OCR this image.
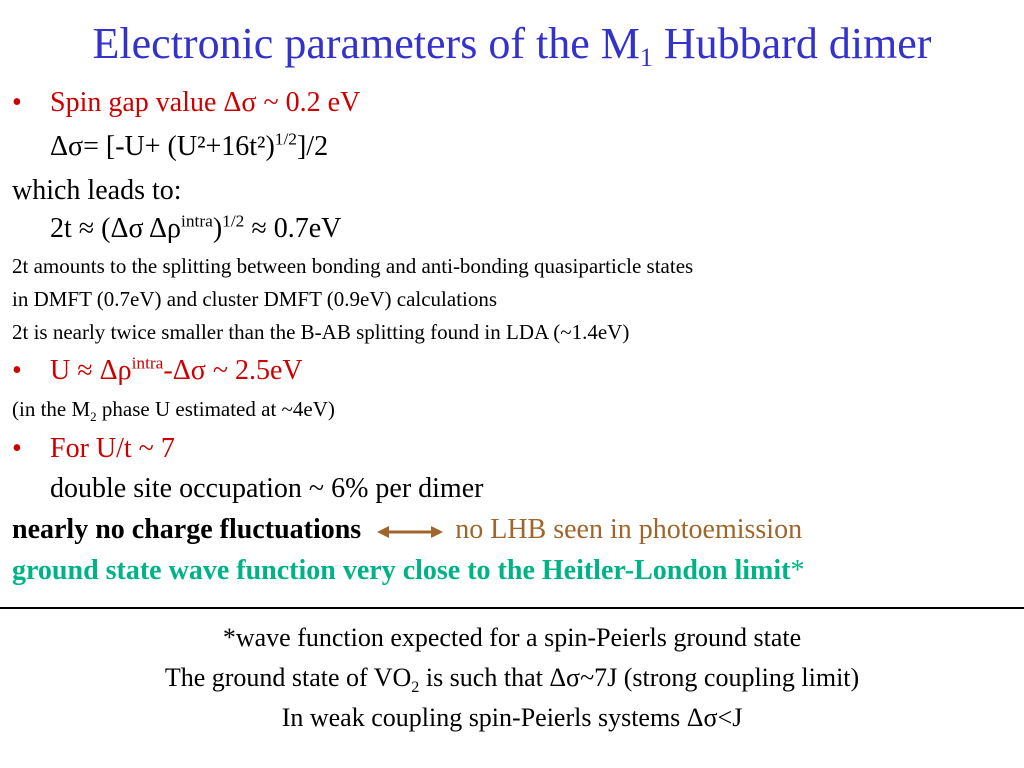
Electronic parameters of the $M_1$ Hubbard dimer
• Spin gap value Δσ ~ 0.2 eV
$\Delta\sigma= [-U+ (U^2+16t^2)^{1/2}]/2$
which leads to:
2t ≈ (Δσ $\Delta\rho^{intra})^{1/2} \approx 0.7eV$
2t amounts to the splitting between bonding and anti-bonding quasiparticle states
in DMFT (0.7eV) and cluster DMFT (0.9eV) calculations
2t is nearly twice smaller than the B-AB splitting found in LDA (~1.4eV)
• $U \approx \Delta\rho^{intra}-\Delta\sigma$ ~ 2.5eV
(in the $M_2$ phase U estimated at ~4eV)
• For U/t ~ 7
double site occupation ~ 6% per dimer
nearly no charge fluctuations	no LHB seen in photoemission
ground state wave function very close to the Heitler-London limit*
*wave function expected for a spin-Peierls ground state
The ground state of $VO_2$ is such that Δσ~7J (strong coupling limit)
In weak coupling spin-Peierls systems Δσ<J
